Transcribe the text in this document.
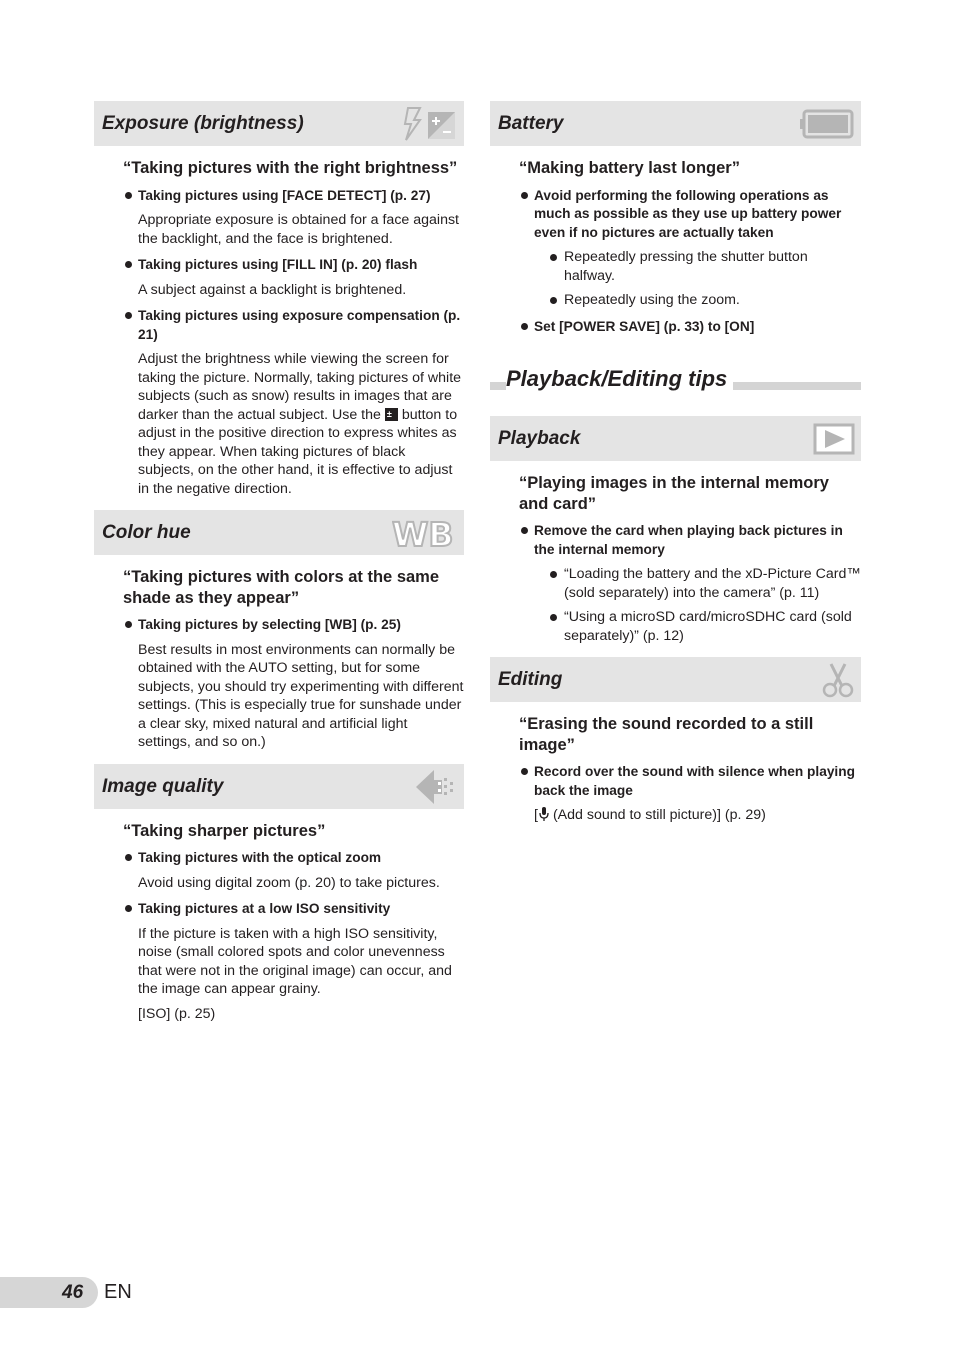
Exposure (brightness)
“Taking pictures with the right brightness”
Taking pictures using [FACE DETECT] (p. 27)
Appropriate exposure is obtained for a face against the backlight, and the face is brightened.
Taking pictures using [FILL IN] (p. 20) flash
A subject against a backlight is brightened.
Taking pictures using exposure compensation (p. 21)
Adjust the brightness while viewing the screen for taking the picture. Normally, taking pictures of white subjects (such as snow) results in images that are darker than the actual subject. Use the ± button to adjust in the positive direction to express whites as they appear. When taking pictures of black subjects, on the other hand, it is effective to adjust in the negative direction.
Color hue	WB
“Taking pictures with colors at the same shade as they appear”
Taking pictures by selecting [WB] (p. 25)
Best results in most environments can normally be obtained with the AUTO setting, but for some subjects, you should try experimenting with different settings. (This is especially true for sunshade under a clear sky, mixed natural and artificial light settings, and so on.)
Image quality
“Taking sharper pictures”
Taking pictures with the optical zoom
Avoid using digital zoom (p. 20) to take pictures.
Taking pictures at a low ISO sensitivity
If the picture is taken with a high ISO sensitivity, noise (small colored spots and color unevenness that were not in the original image) can occur, and the image can appear grainy.
[ISO] (p. 25)
Battery
“Making battery last longer”
Avoid performing the following operations as much as possible as they use up battery power even if no pictures are actually taken
Repeatedly pressing the shutter button halfway.
Repeatedly using the zoom.
Set [POWER SAVE] (p. 33) to [ON]
Playback/Editing tips
Playback
“Playing images in the internal memory and card”
Remove the card when playing back pictures in the internal memory
“Loading the battery and the xD-Picture Card™ (sold separately) into the camera” (p. 11)
“Using a microSD card/microSDHC card (sold separately)” (p. 12)
Editing
“Erasing the sound recorded to a still image”
Record over the sound with silence when playing back the image
[ (Add sound to still picture)] (p. 29)
46 EN
